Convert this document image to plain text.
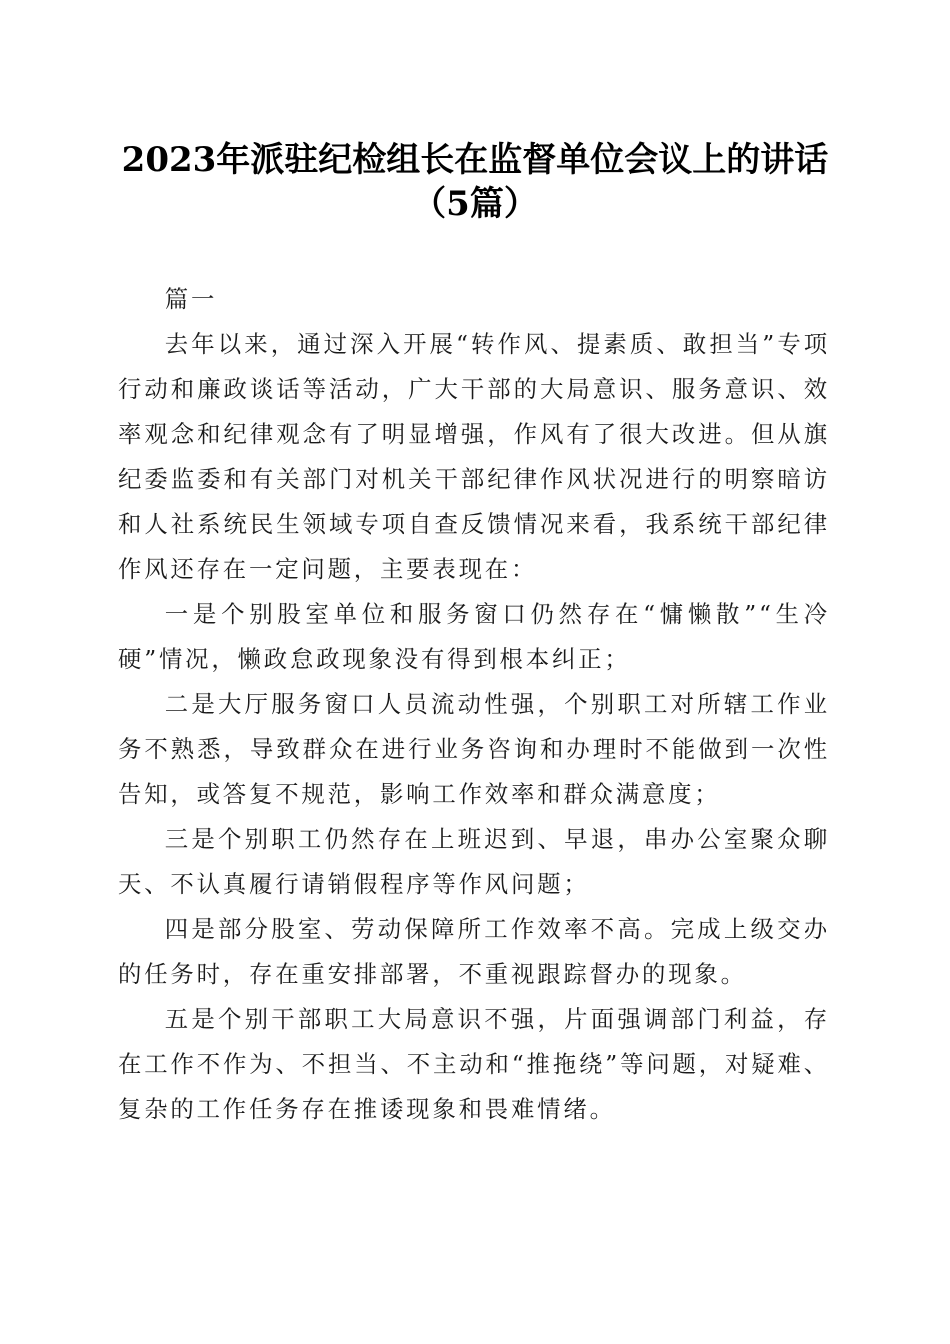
2023年派驻纪检组长在监督单位会议上的讲话（5篇）

篇一

去年以来，通过深入开展“转作风、提素质、敢担当”专项行动和廉政谈话等活动，广大干部的大局意识、服务意识、效率观念和纪律观念有了明显增强，作风有了很大改进。但从旗纪委监委和有关部门对机关干部纪律作风状况进行的明察暗访和人社系统民生领域专项自查反馈情况来看，我系统干部纪律作风还存在一定问题，主要表现在：

一是个别股室单位和服务窗口仍然存在“慵懒散”“生冷硬”情况，懒政怠政现象没有得到根本纠正；

二是大厅服务窗口人员流动性强，个别职工对所辖工作业务不熟悉，导致群众在进行业务咨询和办理时不能做到一次性告知，或答复不规范，影响工作效率和群众满意度；

三是个别职工仍然存在上班迟到、早退，串办公室聚众聊天、不认真履行请销假程序等作风问题；

四是部分股室、劳动保障所工作效率不高。完成上级交办的任务时，存在重安排部署，不重视跟踪督办的现象。

五是个别干部职工大局意识不强，片面强调部门利益，存在工作不作为、不担当、不主动和“推拖绕”等问题，对疑难、复杂的工作任务存在推诿现象和畏难情绪。
